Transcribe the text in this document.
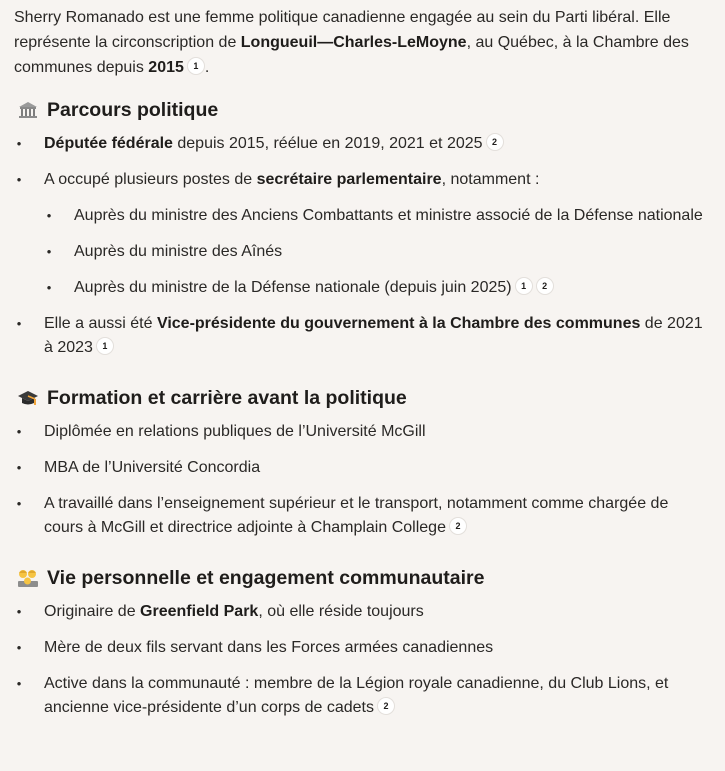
Sherry Romanado est une femme politique canadienne engagée au sein du Parti libéral. Elle représente la circonscription de Longueuil—Charles-LeMoyne, au Québec, à la Chambre des communes depuis 2015 1 .

Parcours politique
• Députée fédérale depuis 2015, réélue en 2019, 2021 et 2025 2
• A occupé plusieurs postes de secrétaire parlementaire, notamment :
• Auprès du ministre des Anciens Combattants et ministre associé de la Défense nationale
• Auprès du ministre des Aînés
• Auprès du ministre de la Défense nationale (depuis juin 2025) 1 2
• Elle a aussi été Vice-présidente du gouvernement à la Chambre des communes de 2021 à 2023 1
Formation et carrière avant la politique
• Diplômée en relations publiques de l’Université McGill
• MBA de l’Université Concordia
• A travaillé dans l’enseignement supérieur et le transport, notamment comme chargée de cours à McGill et directrice adjointe à Champlain College 2
Vie personnelle et engagement communautaire
• Originaire de Greenfield Park, où elle réside toujours
• Mère de deux fils servant dans les Forces armées canadiennes
• Active dans la communauté : membre de la Légion royale canadienne, du Club Lions, et ancienne vice-présidente d’un corps de cadets 2
